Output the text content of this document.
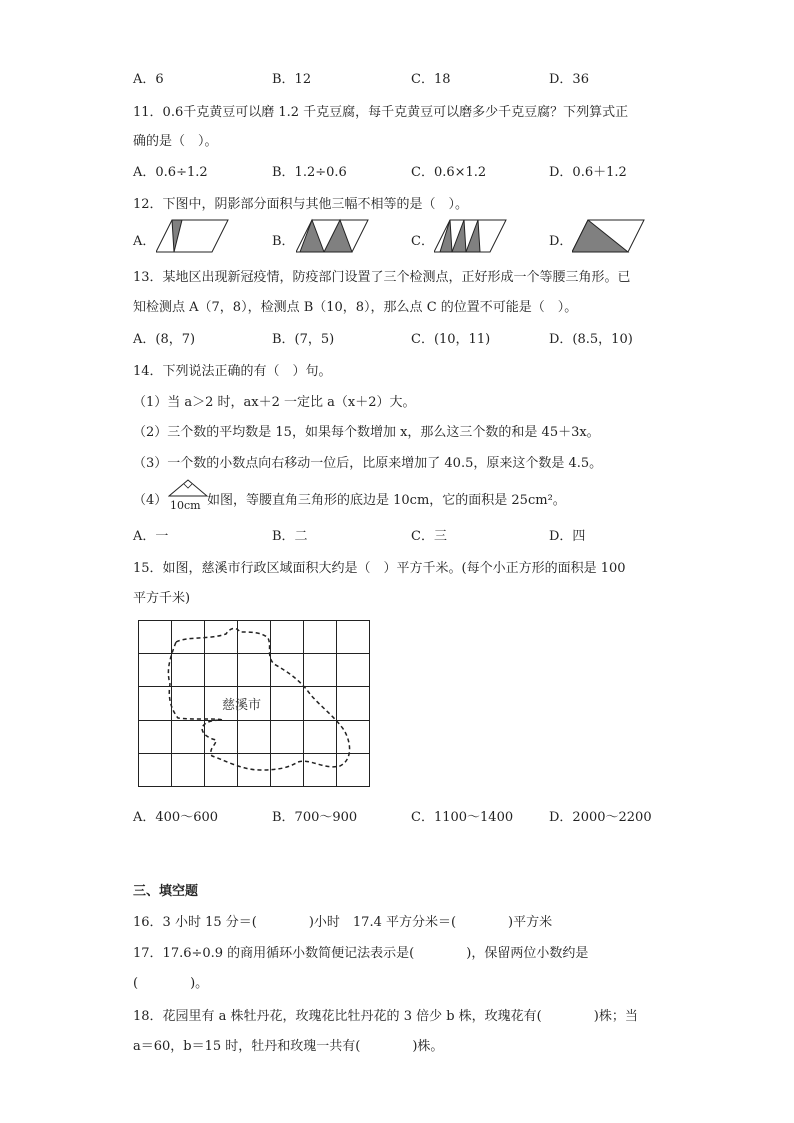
A．6	B．12	C．18	D．36
11．0.6千克黄豆可以磨 1.2 千克豆腐，每千克黄豆可以磨多少千克豆腐？下列算式正
确的是（　）。
A．0.6÷1.2	B．1.2÷0.6	C．0.6×1.2	D．0.6＋1.2
12．下图中，阴影部分面积与其他三幅不相等的是（　）。
A．	B．	C．	D．
13．某地区出现新冠疫情，防疫部门设置了三个检测点，正好形成一个等腰三角形。已
知检测点 A（7，8），检测点 B（10，8），那么点 C 的位置不可能是（　）。
A．(8，7)	B．(7，5)	C．(10，11)	D．(8.5，10)
14．下列说法正确的有（　）句。
（1）当 a＞2 时，ax＋2 一定比 a（x＋2）大。
（2）三个数的平均数是 15，如果每个数增加 x，那么这三个数的和是 45＋3x。
（3）一个数的小数点向右移动一位后，比原来增加了 40.5，原来这个数是 4.5。
（4） 10cm 如图，等腰直角三角形的底边是 10cm，它的面积是 25cm²。
A．一	B．二	C．三	D．四
15．如图，慈溪市行政区域面积大约是（　）平方千米。(每个小正方形的面积是 100
平方千米)
慈溪市
A．400～600	B．700～900	C．1100～1400	D．2000～2200
三、填空题
16．3 小时 15 分＝(　　　　)小时　17.4 平方分米＝(　　　　)平方米
17．17.6÷0.9 的商用循环小数简便记法表示是(　　　　)，保留两位小数约是
(　　　　)。
18．花园里有 a 株牡丹花，玫瑰花比牡丹花的 3 倍少 b 株，玫瑰花有(　　　　)株；当
a＝60，b＝15 时，牡丹和玫瑰一共有(　　　　)株。
